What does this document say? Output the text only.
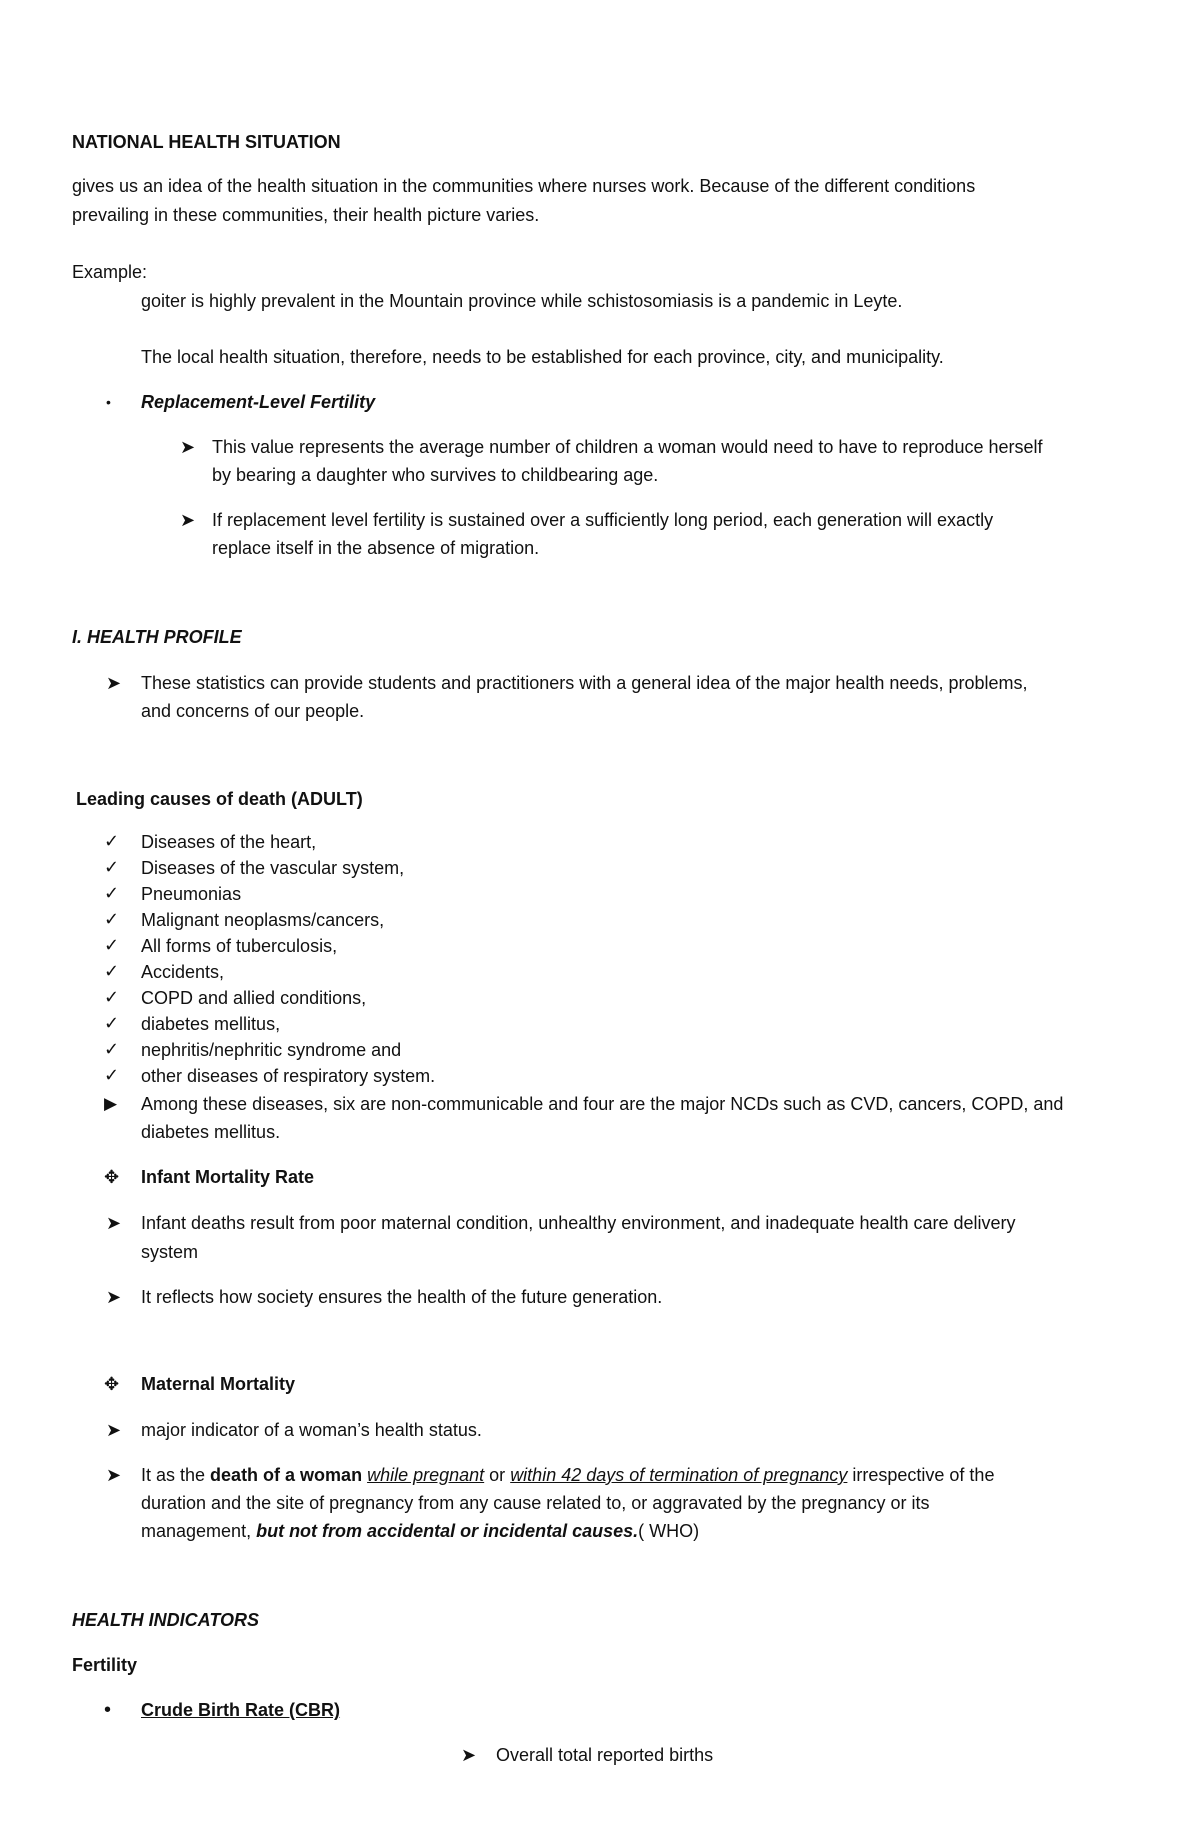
NATIONAL HEALTH SITUATION
gives us an idea of the health situation in the communities where nurses work. Because of the different conditions
prevailing in these communities, their health picture varies.
Example:
goiter is highly prevalent in the Mountain province while schistosomiasis is a pandemic in Leyte.
The local health situation, therefore, needs to be established for each province, city, and municipality.
• Replacement-Level Fertility
➤ This value represents the average number of children a woman would need to have to reproduce herself
by bearing a daughter who survives to childbearing age.
➤ If replacement level fertility is sustained over a sufficiently long period, each generation will exactly
replace itself in the absence of migration.
I. HEALTH PROFILE
➤ These statistics can provide students and practitioners with a general idea of the major health needs, problems,
and concerns of our people.
Leading causes of death (ADULT)
✓ Diseases of the heart,
✓ Diseases of the vascular system,
✓ Pneumonias
✓ Malignant neoplasms/cancers,
✓ All forms of tuberculosis,
✓ Accidents,
✓ COPD and allied conditions,
✓ diabetes mellitus,
✓ nephritis/nephritic syndrome and
✓ other diseases of respiratory system.
▶ Among these diseases, six are non-communicable and four are the major NCDs such as CVD, cancers, COPD, and
diabetes mellitus.
✥ Infant Mortality Rate
➤ Infant deaths result from poor maternal condition, unhealthy environment, and inadequate health care delivery
system
➤ It reflects how society ensures the health of the future generation.
✥ Maternal Mortality
➤ major indicator of a woman’s health status.
➤ It as the death of a woman while pregnant or within 42 days of termination of pregnancy irrespective of the
duration and the site of pregnancy from any cause related to, or aggravated by the pregnancy or its
management, but not from accidental or incidental causes.( WHO)
HEALTH INDICATORS
Fertility
• Crude Birth Rate (CBR)
➤ Overall total reported births
